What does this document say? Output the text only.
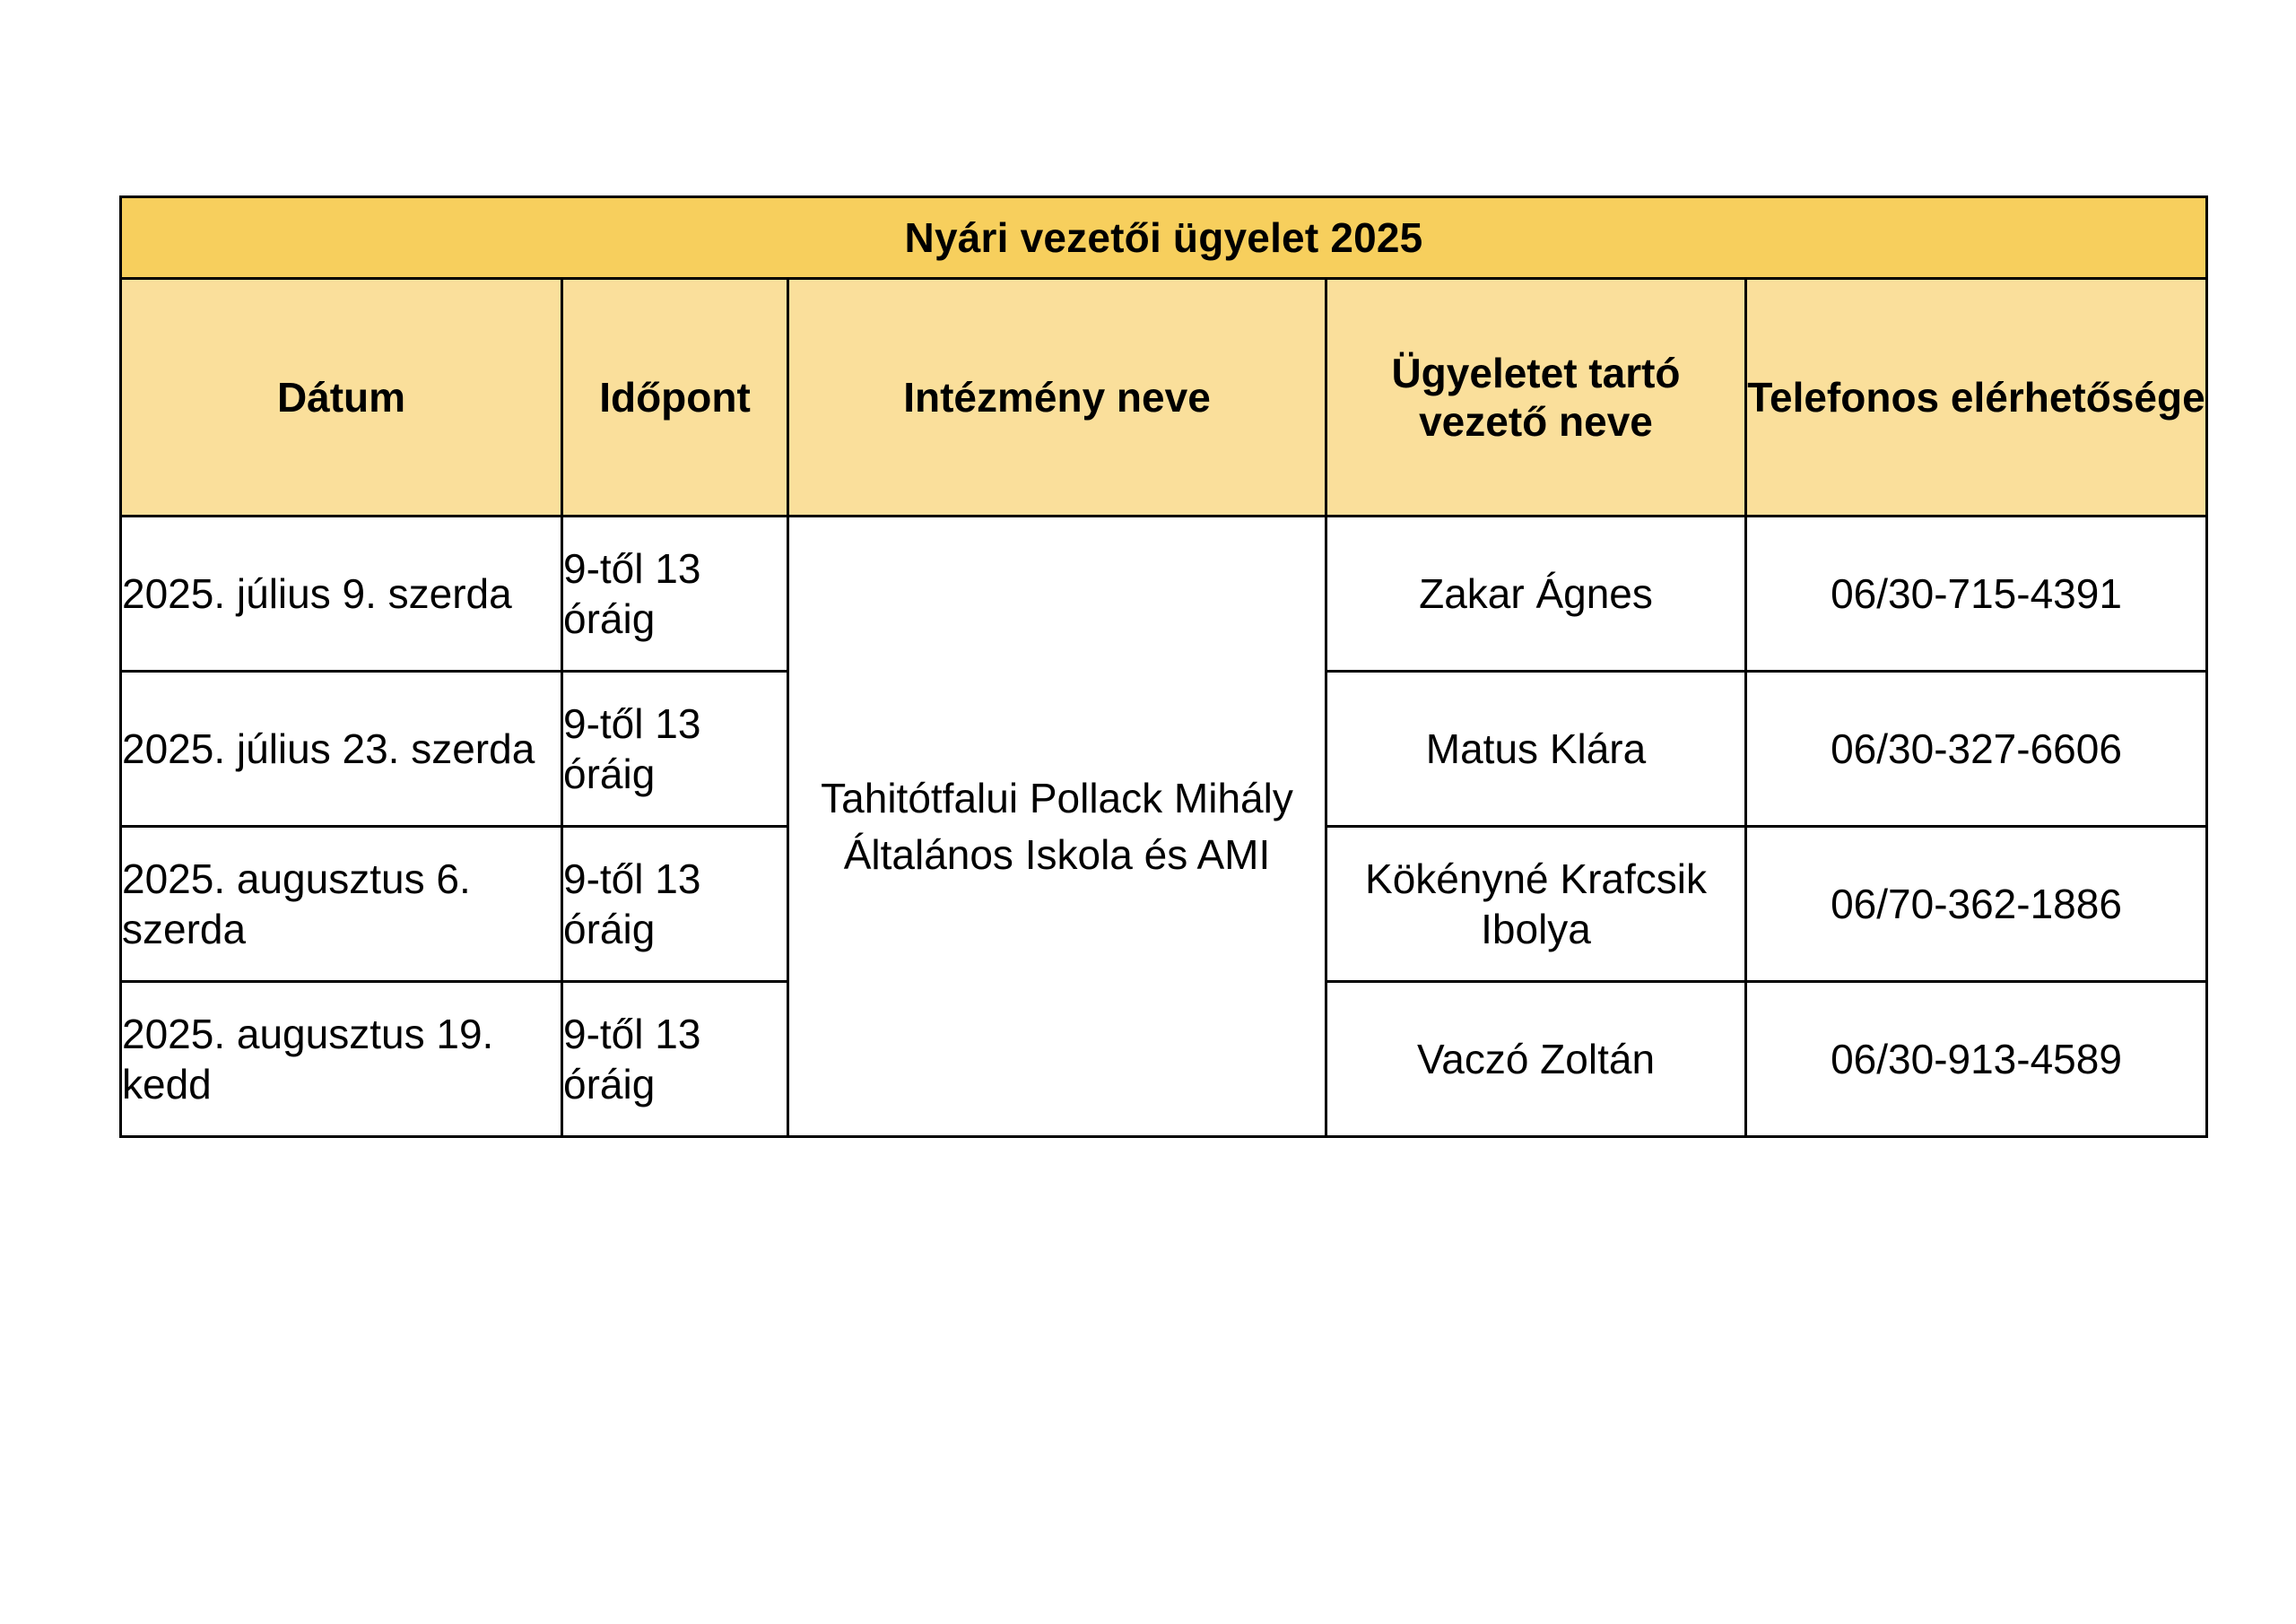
Nyári vezetői ügyelet 2025				
Dátum	Időpont	Intézmény neve	Ügyeletet tartó vezető neve	Telefonos elérhetősége
2025. július 9. szerda	9-től 13 óráig	Tahitótfalui Pollack Mihály Általános Iskola és AMI	Zakar Ágnes	06/30-715-4391
2025. július 23. szerda	9-től 13 óráig		Matus Klára	06/30-327-6606
2025. augusztus 6. szerda	9-től 13 óráig		Kökényné Krafcsik Ibolya	06/70-362-1886
2025. augusztus 19. kedd	9-től 13 óráig		Vaczó Zoltán	06/30-913-4589
